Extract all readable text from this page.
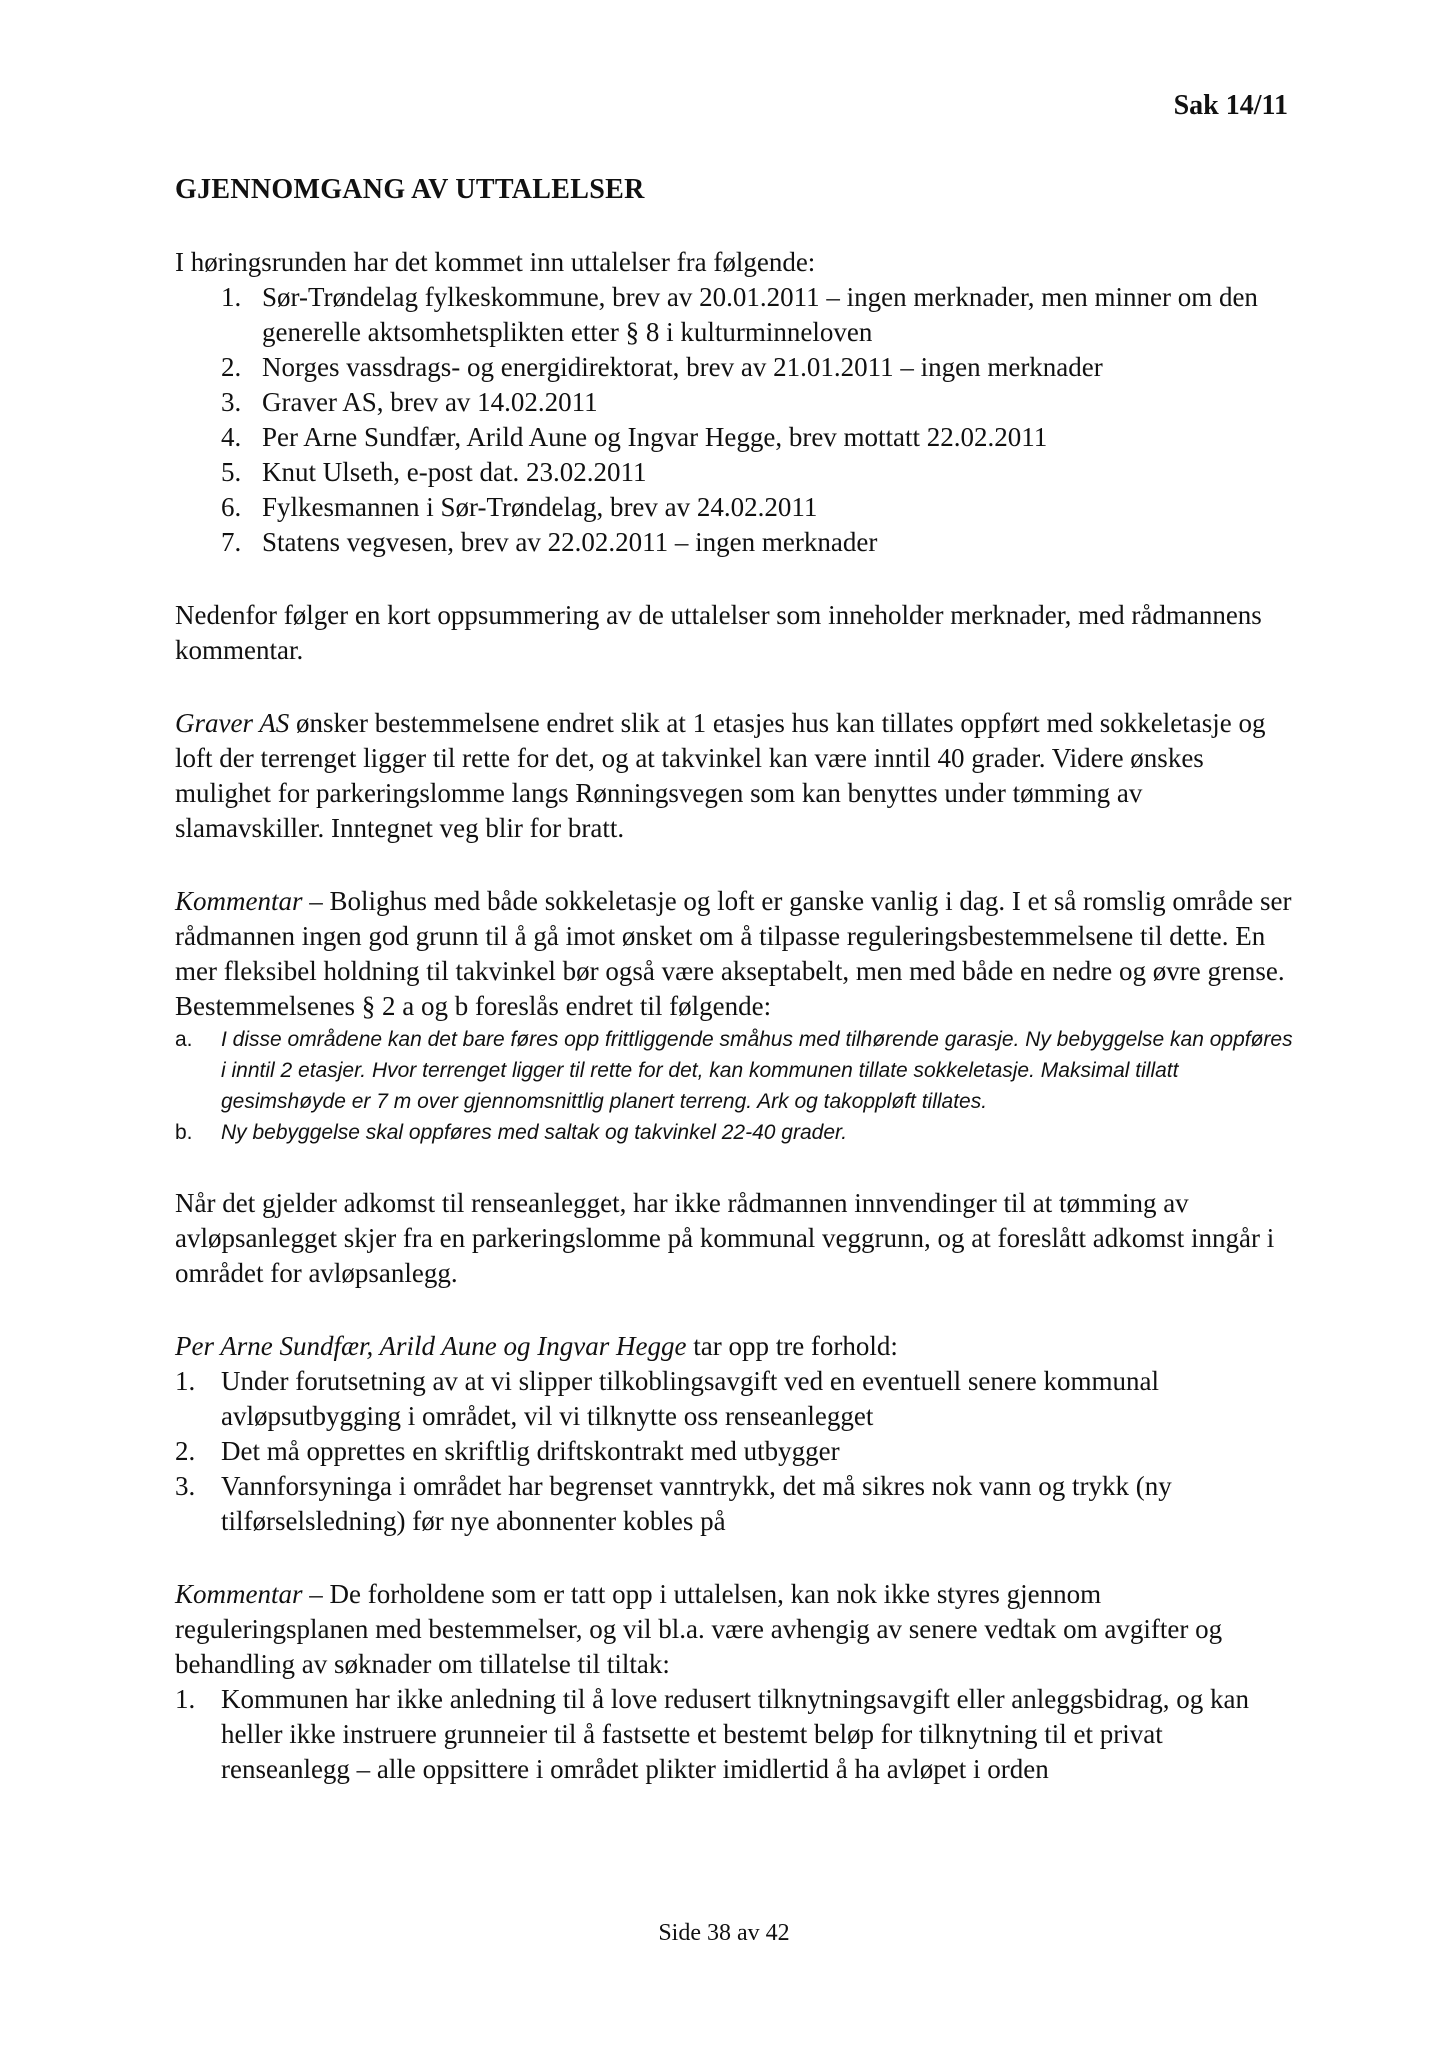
Sak 14/11
GJENNOMGANG AV UTTALELSER

I høringsrunden har det kommet inn uttalelser fra følgende:

1. Sør-Trøndelag fylkeskommune, brev av 20.01.2011 – ingen merknader, men minner om den generelle aktsomhetsplikten etter § 8 i kulturminneloven
2. Norges vassdrags- og energidirektorat, brev av 21.01.2011 – ingen merknader
3. Graver AS, brev av 14.02.2011
4. Per Arne Sundfær, Arild Aune og Ingvar Hegge, brev mottatt 22.02.2011
5. Knut Ulseth, e-post dat. 23.02.2011
6. Fylkesmannen i Sør-Trøndelag, brev av 24.02.2011
7. Statens vegvesen, brev av 22.02.2011 – ingen merknader

Nedenfor følger en kort oppsummering av de uttalelser som inneholder merknader, med rådmannens kommentar.

Graver AS ønsker bestemmelsene endret slik at 1 etasjes hus kan tillates oppført med sokkeletasje og loft der terrenget ligger til rette for det, og at takvinkel kan være inntil 40 grader. Videre ønskes mulighet for parkeringslomme langs Rønningsvegen som kan benyttes under tømming av slamavskiller. Inntegnet veg blir for bratt.

Kommentar – Bolighus med både sokkeletasje og loft er ganske vanlig i dag. I et så romslig område ser rådmannen ingen god grunn til å gå imot ønsket om å tilpasse reguleringsbestemmelsene til dette. En mer fleksibel holdning til takvinkel bør også være akseptabelt, men med både en nedre og øvre grense. Bestemmelsenes § 2 a og b foreslås endret til følgende:

a. I disse områdene kan det bare føres opp frittliggende småhus med tilhørende garasje. Ny bebyggelse kan oppføres i inntil 2 etasjer. Hvor terrenget ligger til rette for det, kan kommunen tillate sokkeletasje. Maksimal tillatt gesimshøyde er 7 m over gjennomsnittlig planert terreng. Ark og takoppløft tillates.
b. Ny bebyggelse skal oppføres med saltak og takvinkel 22-40 grader.

Når det gjelder adkomst til renseanlegget, har ikke rådmannen innvendinger til at tømming av avløpsanlegget skjer fra en parkeringslomme på kommunal veggrunn, og at foreslått adkomst inngår i området for avløpsanlegg.

Per Arne Sundfær, Arild Aune og Ingvar Hegge tar opp tre forhold:

1. Under forutsetning av at vi slipper tilkoblingsavgift ved en eventuell senere kommunal avløpsutbygging i området, vil vi tilknytte oss renseanlegget
2. Det må opprettes en skriftlig driftskontrakt med utbygger
3. Vannforsyninga i området har begrenset vanntrykk, det må sikres nok vann og trykk (ny tilførselsledning) før nye abonnenter kobles på

Kommentar – De forholdene som er tatt opp i uttalelsen, kan nok ikke styres gjennom reguleringsplanen med bestemmelser, og vil bl.a. være avhengig av senere vedtak om avgifter og behandling av søknader om tillatelse til tiltak:

1. Kommunen har ikke anledning til å love redusert tilknytningsavgift eller anleggsbidrag, og kan heller ikke instruere grunneier til å fastsette et bestemt beløp for tilknytning til et privat renseanlegg – alle oppsittere i området plikter imidlertid å ha avløpet i orden
Side 38 av 42
